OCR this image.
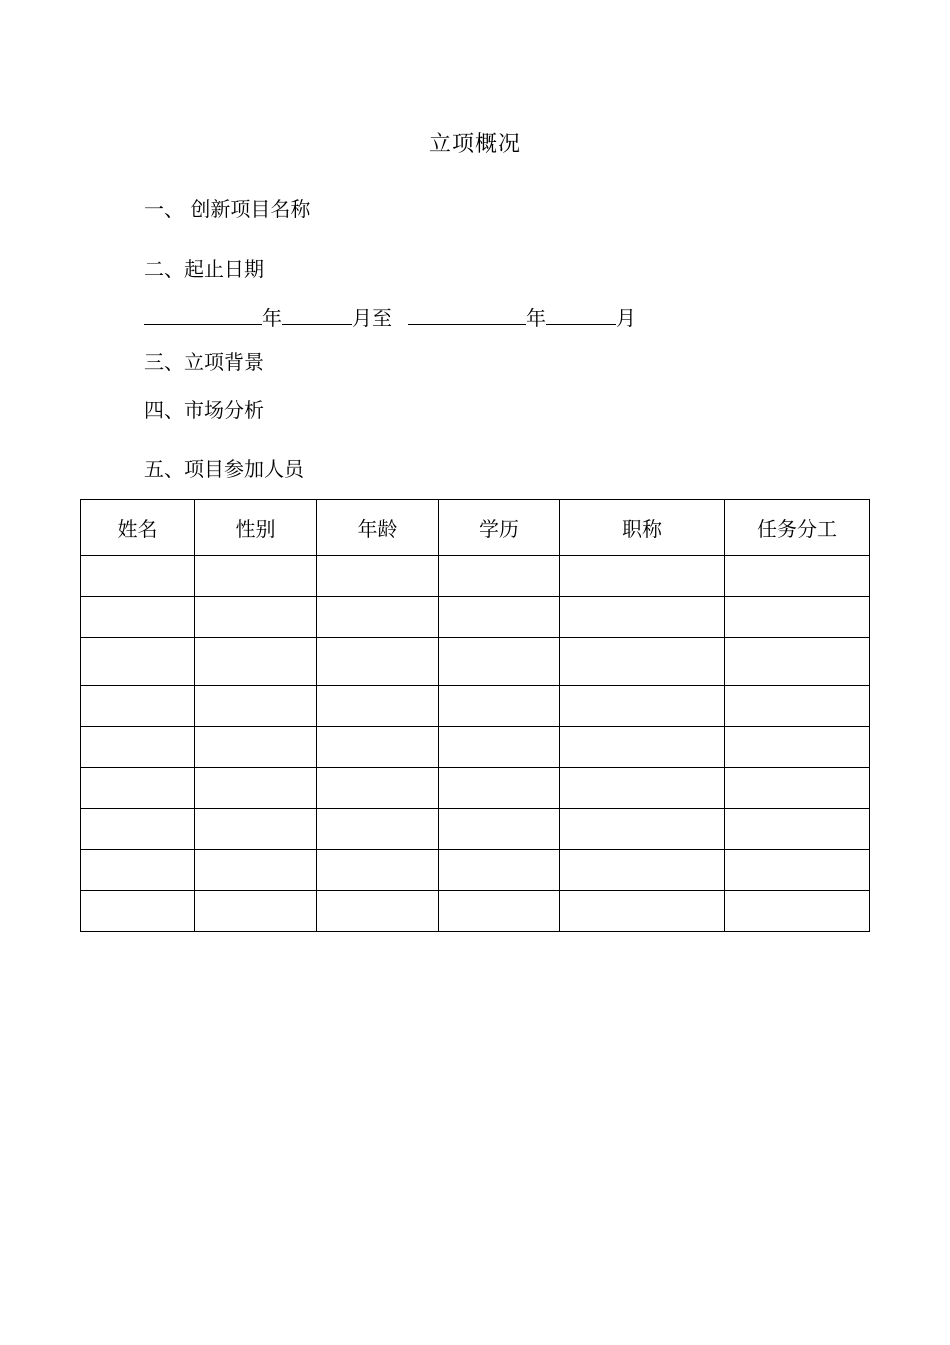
立项概况
一、 创新项目名称
二、起止日期
年	月至	年	月
三、立项背景
四、市场分析
五、项目参加人员
姓名	性别	年龄	学历	职称	任务分工
